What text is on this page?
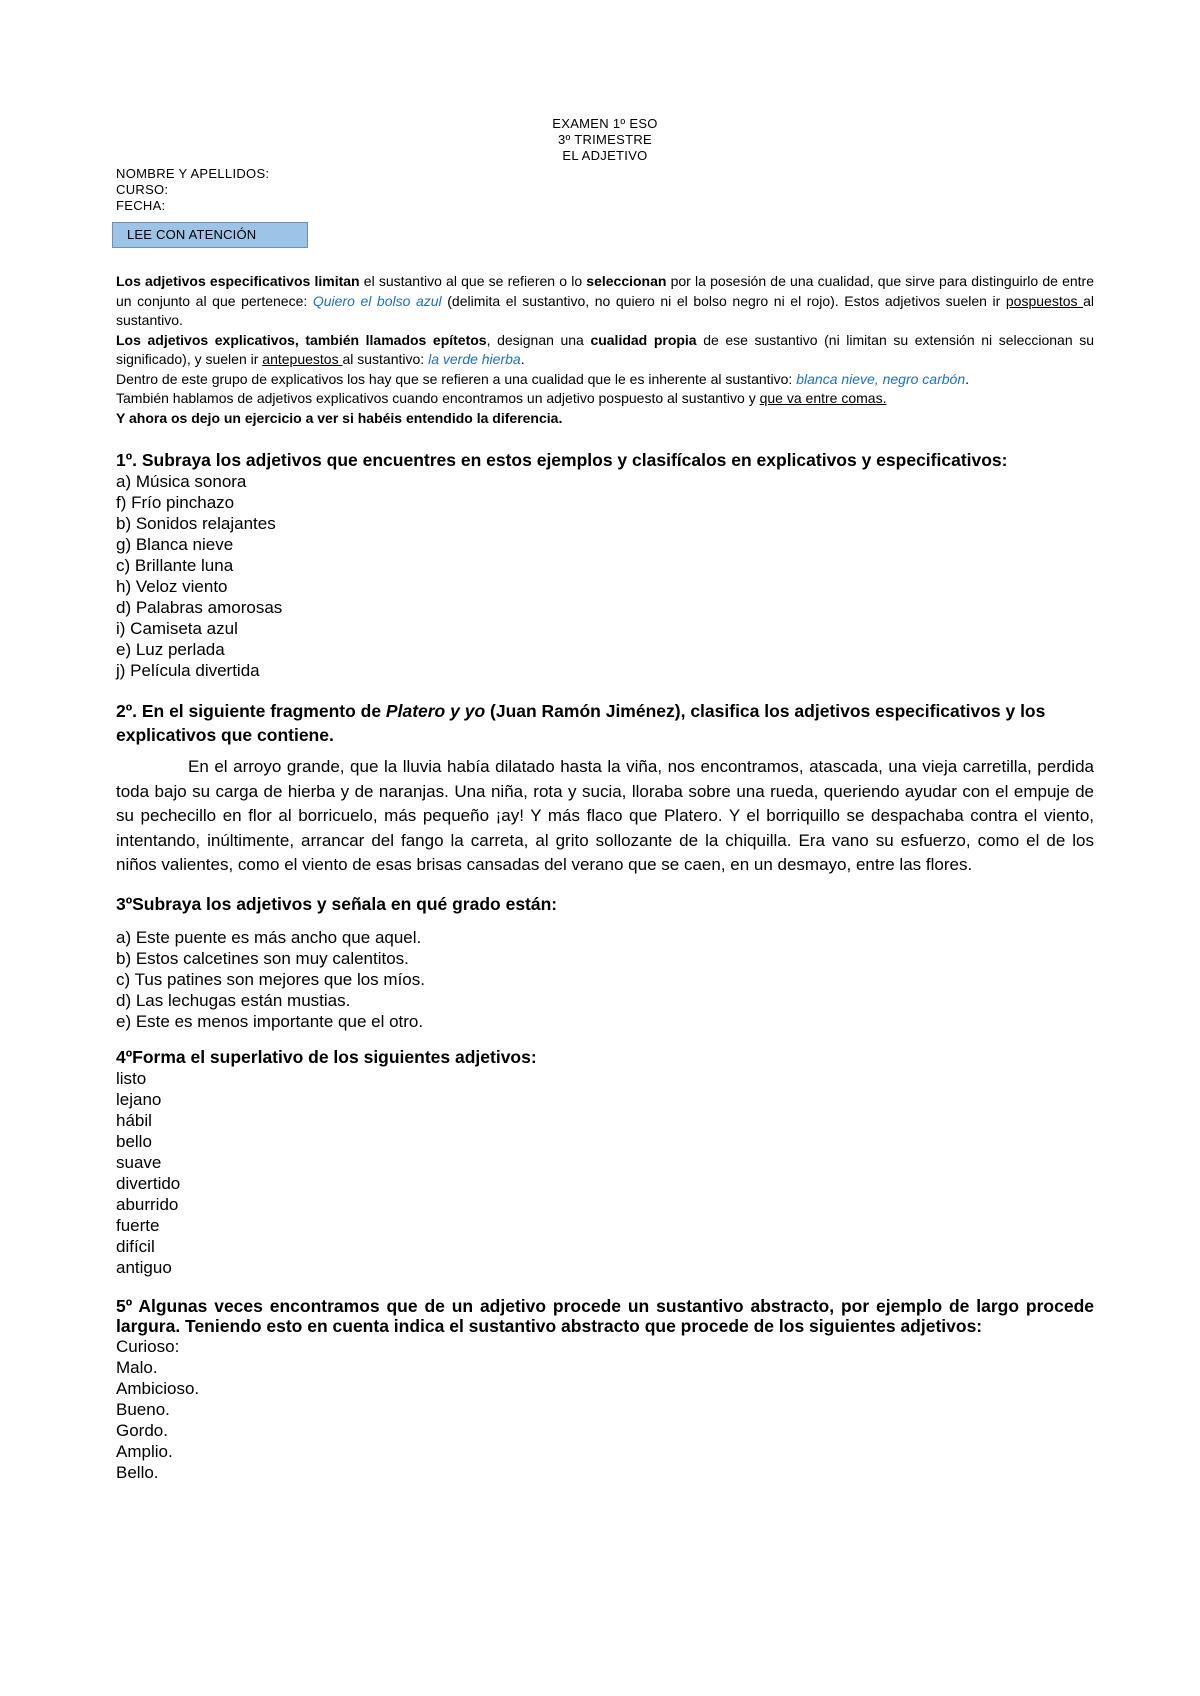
EXAMEN 1º ESO
3º TRIMESTRE
EL ADJETIVO
NOMBRE Y APELLIDOS:
CURSO:
FECHA:
LEE CON ATENCIÓN

Los adjetivos especificativos limitan el sustantivo al que se refieren o lo seleccionan por la posesión de una cualidad, que sirve para distinguirlo de entre un conjunto al que pertenece: Quiero el bolso azul (delimita el sustantivo, no quiero ni el bolso negro ni el rojo). Estos adjetivos suelen ir pospuestos al sustantivo.

Los adjetivos explicativos, también llamados epítetos, designan una cualidad propia de ese sustantivo (ni limitan su extensión ni seleccionan su significado), y suelen ir antepuestos al sustantivo: la verde hierba.

Dentro de este grupo de explicativos los hay que se refieren a una cualidad que le es inherente al sustantivo: blanca nieve, negro carbón.

También hablamos de adjetivos explicativos cuando encontramos un adjetivo pospuesto al sustantivo y que va entre comas.

Y ahora os dejo un ejercicio a ver si habéis entendido la diferencia.

1º. Subraya los adjetivos que encuentres en estos ejemplos y clasifícalos en explicativos y especificativos:

a) Música sonora
f) Frío pinchazo
b) Sonidos relajantes
g) Blanca nieve
c) Brillante luna
h) Veloz viento
d) Palabras amorosas
i) Camiseta azul
e) Luz perlada
j) Película divertida

2º. En el siguiente fragmento de Platero y yo (Juan Ramón Jiménez), clasifica los adjetivos especificativos y los explicativos que contiene.

En el arroyo grande, que la lluvia había dilatado hasta la viña, nos encontramos, atascada, una vieja carretilla, perdida toda bajo su carga de hierba y de naranjas. Una niña, rota y sucia, lloraba sobre una rueda, queriendo ayudar con el empuje de su pechecillo en flor al borricuelo, más pequeño ¡ay! Y más flaco que Platero. Y el borriquillo se despachaba contra el viento, intentando, inúltimente, arrancar del fango la carreta, al grito sollozante de la chiquilla. Era vano su esfuerzo, como el de los niños valientes, como el viento de esas brisas cansadas del verano que se caen, en un desmayo, entre las flores.

3ºSubraya los adjetivos y señala en qué grado están:

a) Este puente es más ancho que aquel.
b) Estos calcetines son muy calentitos.
c) Tus patines son mejores que los míos.
d) Las lechugas están mustias.
e) Este es menos importante que el otro.

4ºForma el superlativo de los siguientes adjetivos:

listo
lejano
hábil
bello
suave
divertido
aburrido
fuerte
difícil
antiguo

5º Algunas veces encontramos que de un adjetivo procede un sustantivo abstracto, por ejemplo de largo procede largura. Teniendo esto en cuenta indica el sustantivo abstracto que procede de los siguientes adjetivos:

Curioso:
Malo.
Ambicioso.
Bueno.
Gordo.
Amplio.
Bello.
